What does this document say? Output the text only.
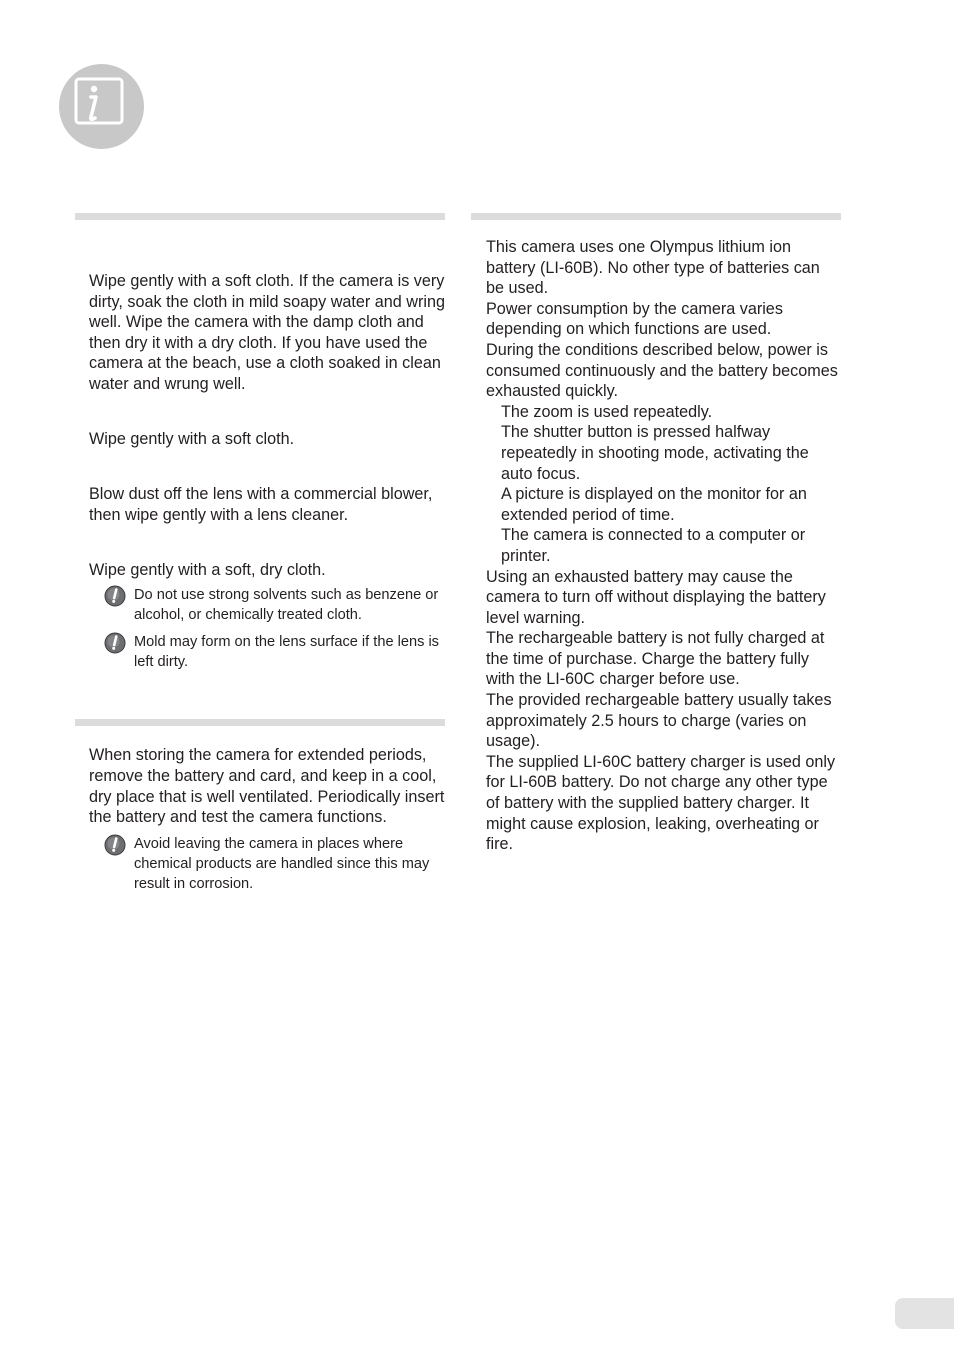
Wipe gently with a soft cloth. If the camera is very dirty, soak the cloth in mild soapy water and wring well. Wipe the camera with the damp cloth and then dry it with a dry cloth. If you have used the camera at the beach, use a cloth soaked in clean water and wrung well.

Wipe gently with a soft cloth.

Blow dust off the lens with a commercial blower, then wipe gently with a lens cleaner.

Wipe gently with a soft, dry cloth.

Do not use strong solvents such as benzene or alcohol, or chemically treated cloth.

Mold may form on the lens surface if the lens is left dirty.

When storing the camera for extended periods, remove the battery and card, and keep in a cool, dry place that is well ventilated. Periodically insert the battery and test the camera functions.

Avoid leaving the camera in places where chemical products are handled since this may result in corrosion.

This camera uses one Olympus lithium ion battery (LI-60B). No other type of batteries can be used.

Power consumption by the camera varies depending on which functions are used.

During the conditions described below, power is consumed continuously and the battery becomes exhausted quickly.

The zoom is used repeatedly.

The shutter button is pressed halfway repeatedly in shooting mode, activating the auto focus.

A picture is displayed on the monitor for an extended period of time.

The camera is connected to a computer or printer.

Using an exhausted battery may cause the camera to turn off without displaying the battery level warning.

The rechargeable battery is not fully charged at the time of purchase. Charge the battery fully with the LI-60C charger before use.

The provided rechargeable battery usually takes approximately 2.5 hours to charge (varies on usage).

The supplied LI-60C battery charger is used only for LI-60B battery. Do not charge any other type of battery with the supplied battery charger. It might cause explosion, leaking, overheating or fire.
